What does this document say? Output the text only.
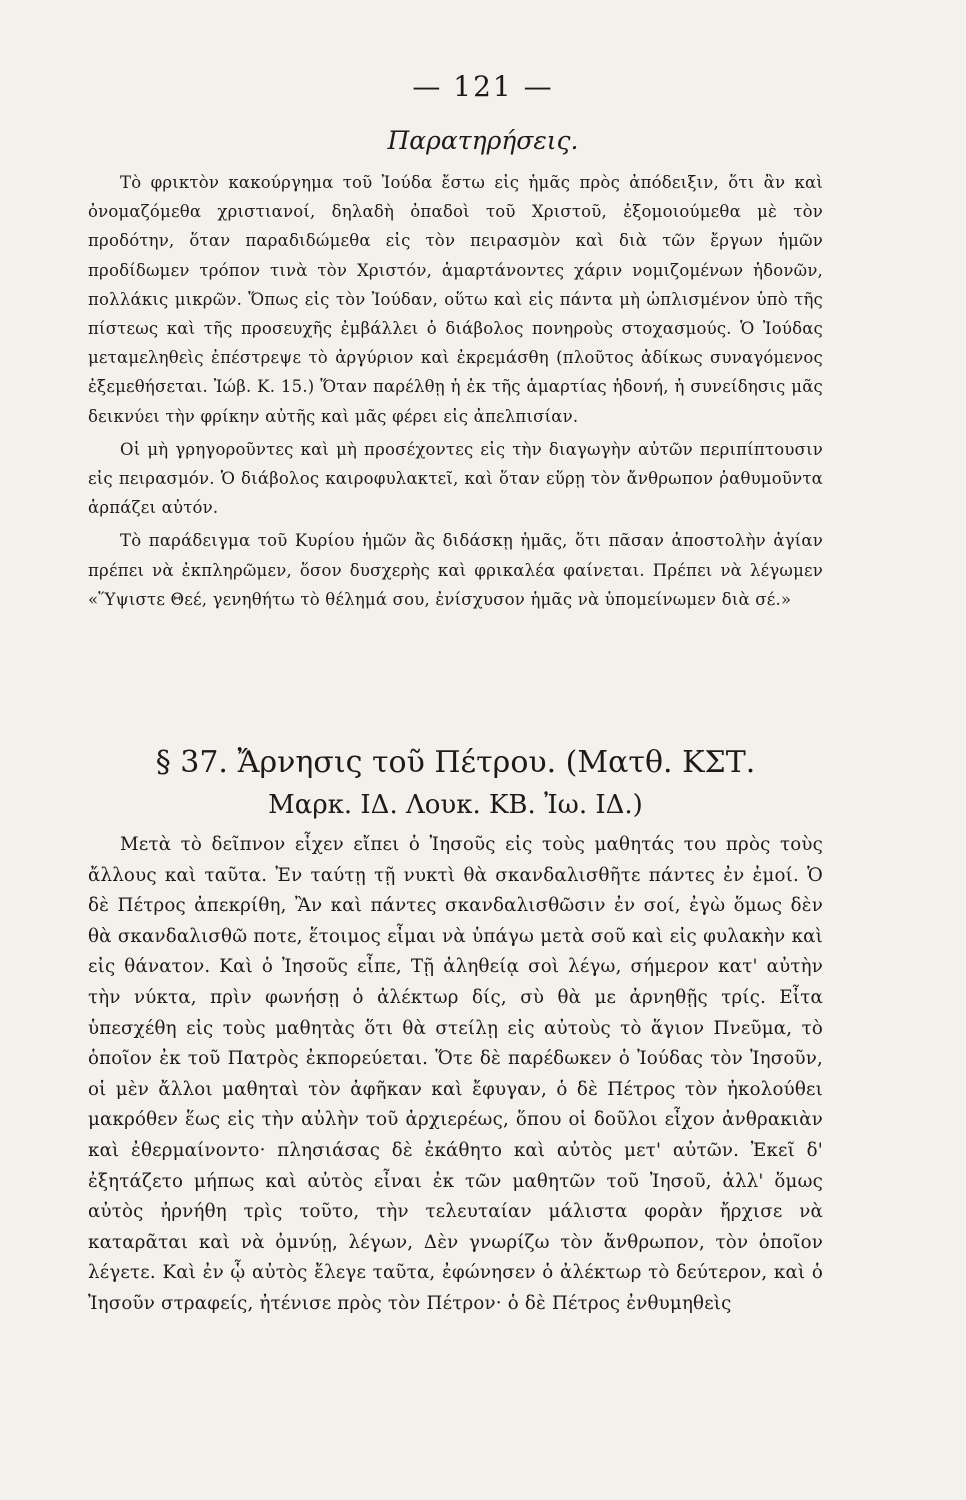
— 121 —
Παρατηρήσεις.

Τὸ φρικτὸν κακούργημα τοῦ Ἰούδα ἔστω εἰς ἡμᾶς πρὸς ἀπόδειξιν, ὅτι ἂν καὶ ὀνομαζόμεθα χριστιανοί, δηλαδὴ ὀπαδοὶ τοῦ Χριστοῦ, ἐξομοιούμεθα μὲ τὸν προδότην, ὅταν παραδιδώμεθα εἰς τὸν πειρασμὸν καὶ διὰ τῶν ἔργων ἡμῶν προδίδωμεν τρόπον τινὰ τὸν Χριστόν, ἁμαρτάνοντες χάριν νομιζομένων ἡδονῶν, πολλάκις μικρῶν. Ὅπως εἰς τὸν Ἰούδαν, οὕτω καὶ εἰς πάντα μὴ ὡπλισμένον ὑπὸ τῆς πίστεως καὶ τῆς προσευχῆς ἐμβάλλει ὁ διάβολος πονηροὺς στοχασμούς. Ὁ Ἰούδας μεταμεληθεὶς ἐπέστρεψε τὸ ἀργύριον καὶ ἐκρεμάσθη (πλοῦτος ἀδίκως συναγόμενος ἐξεμεθήσεται. Ἰώβ. Κ. 15.) Ὅταν παρέλθῃ ἡ ἐκ τῆς ἁμαρτίας ἡδονή, ἡ συνείδησις μᾶς δεικνύει τὴν φρίκην αὐτῆς καὶ μᾶς φέρει εἰς ἀπελπισίαν.

Οἱ μὴ γρηγοροῦντες καὶ μὴ προσέχοντες εἰς τὴν διαγωγὴν αὐτῶν περιπίπτουσιν εἰς πειρασμόν. Ὁ διάβολος καιροφυλακτεῖ, καὶ ὅταν εὕρῃ τὸν ἄνθρωπον ῥαθυμοῦντα ἁρπάζει αὐτόν.

Τὸ παράδειγμα τοῦ Κυρίου ἡμῶν ἂς διδάσκῃ ἡμᾶς, ὅτι πᾶσαν ἀποστολὴν ἁγίαν πρέπει νὰ ἐκπληρῶμεν, ὅσον δυσχερὴς καὶ φρικαλέα φαίνεται. Πρέπει νὰ λέγωμεν «Ὕψιστε Θεέ, γενηθήτω τὸ θέλημά σου, ἐνίσχυσον ἡμᾶς νὰ ὑπομείνωμεν διὰ σέ.»

§ 37. Ἄρνησις τοῦ Πέτρου. (Ματθ. ΚΣΤ.
Μαρκ. ΙΔ. Λουκ. ΚΒ. Ἰω. ΙΔ.)

Μετὰ τὸ δεῖπνον εἶχεν εἴπει ὁ Ἰησοῦς εἰς τοὺς μαθητάς του πρὸς τοὺς ἄλλους καὶ ταῦτα. Ἐν ταύτῃ τῇ νυκτὶ θὰ σκανδαλισθῆτε πάντες ἐν ἐμοί. Ὁ δὲ Πέτρος ἀπεκρίθη, Ἂν καὶ πάντες σκανδαλισθῶσιν ἐν σοί, ἐγὼ ὅμως δὲν θὰ σκανδαλισθῶ ποτε, ἕτοιμος εἶμαι νὰ ὑπάγω μετὰ σοῦ καὶ εἰς φυλακὴν καὶ εἰς θάνατον. Καὶ ὁ Ἰησοῦς εἶπε, Τῇ ἀληθείᾳ σοὶ λέγω, σήμερον κατ' αὐτὴν τὴν νύκτα, πρὶν φωνήσῃ ὁ ἀλέκτωρ δίς, σὺ θὰ με ἀρνηθῇς τρίς. Εἶτα ὑπεσχέθη εἰς τοὺς μαθητὰς ὅτι θὰ στείλῃ εἰς αὐτοὺς τὸ ἅγιον Πνεῦμα, τὸ ὁποῖον ἐκ τοῦ Πατρὸς ἐκπορεύεται. Ὅτε δὲ παρέδωκεν ὁ Ἰούδας τὸν Ἰησοῦν, οἱ μὲν ἄλλοι μαθηταὶ τὸν ἀφῆκαν καὶ ἔφυγαν, ὁ δὲ Πέτρος τὸν ἠκολούθει μακρόθεν ἕως εἰς τὴν αὐλὴν τοῦ ἀρχιερέως, ὅπου οἱ δοῦλοι εἶχον ἀνθρακιὰν καὶ ἐθερμαίνοντο· πλησιάσας δὲ ἐκάθητο καὶ αὐτὸς μετ' αὐτῶν. Ἐκεῖ δ' ἐξητάζετο μήπως καὶ αὐτὸς εἶναι ἐκ τῶν μαθητῶν τοῦ Ἰησοῦ, ἀλλ' ὅμως αὐτὸς ἠρνήθη τρὶς τοῦτο, τὴν τελευταίαν μάλιστα φορὰν ἤρχισε νὰ καταρᾶται καὶ νὰ ὀμνύῃ, λέγων, Δὲν γνωρίζω τὸν ἄνθρωπον, τὸν ὁποῖον λέγετε. Καὶ ἐν ᾧ αὐτὸς ἔλεγε ταῦτα, ἐφώνησεν ὁ ἀλέκτωρ τὸ δεύτερον, καὶ ὁ Ἰησοῦν στραφείς, ἠτένισε πρὸς τὸν Πέτρον· ὁ δὲ Πέτρος ἐνθυμηθεὶς
